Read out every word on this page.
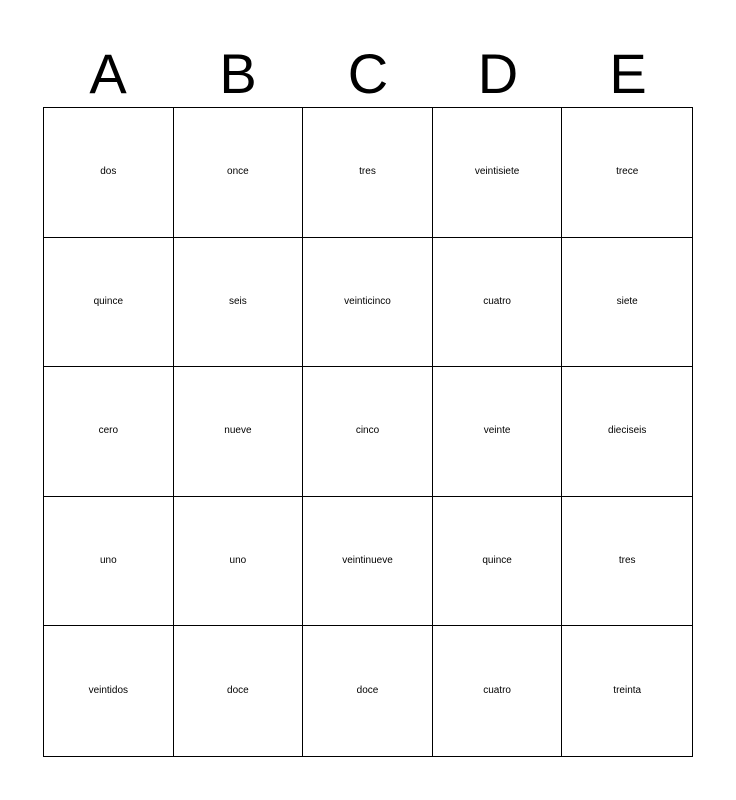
A	B	C	D	E
dos	once	tres	veintisiete	trece
quince	seis	veinticinco	cuatro	siete
cero	nueve	cinco	veinte	dieciseis
uno	uno	veintinueve	quince	tres
veintidos	doce	doce	cuatro	treinta
